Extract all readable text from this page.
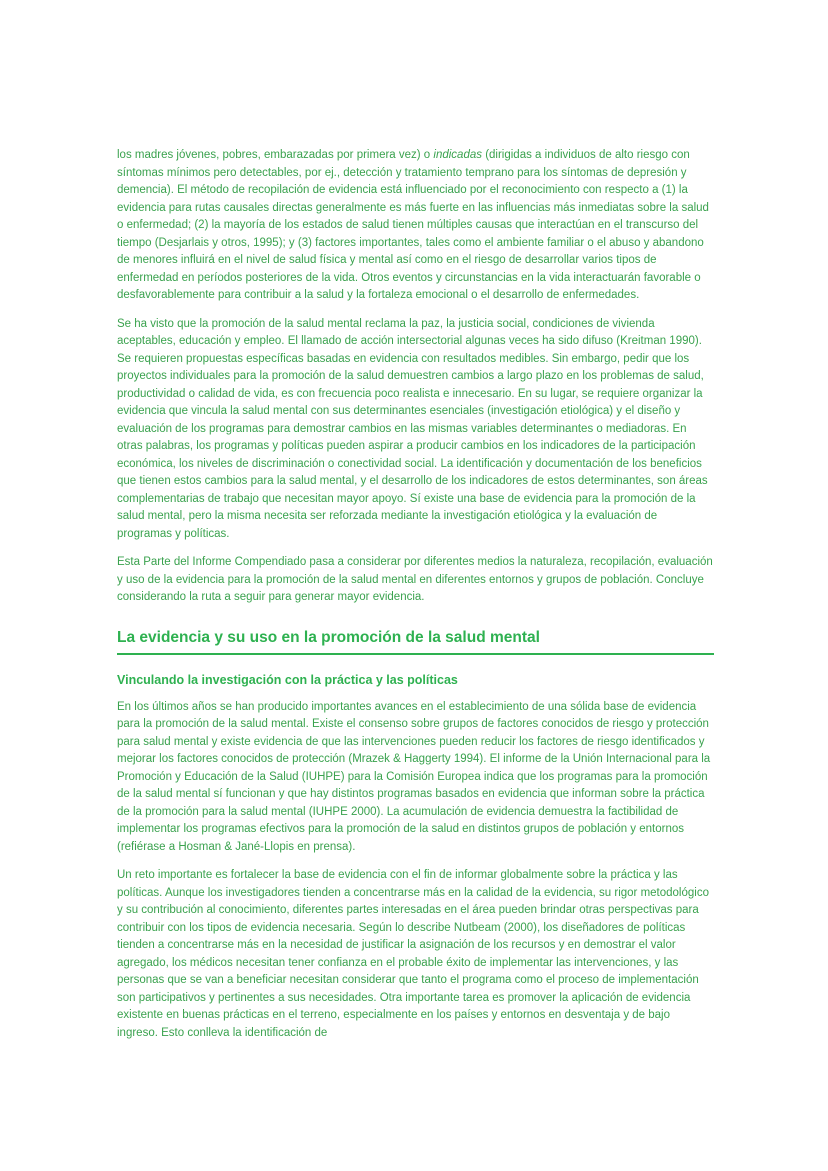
los madres jóvenes, pobres, embarazadas por primera vez) o indicadas (dirigidas a individuos de alto riesgo con síntomas mínimos pero detectables, por ej., detección y tratamiento temprano para los síntomas de depresión y demencia). El método de recopilación de evidencia está influenciado por el reconocimiento con respecto a (1) la evidencia para rutas causales directas generalmente es más fuerte en las influencias más inmediatas sobre la salud o enfermedad; (2) la mayoría de los estados de salud tienen múltiples causas que interactúan en el transcurso del tiempo (Desjarlais y otros, 1995); y (3) factores importantes, tales como el ambiente familiar o el abuso y abandono de menores influirá en el nivel de salud física y mental así como en el riesgo de desarrollar varios tipos de enfermedad en períodos posteriores de la vida. Otros eventos y circunstancias en la vida interactuarán favorable o desfavorablemente para contribuir a la salud y la fortaleza emocional o el desarrollo de enfermedades.

Se ha visto que la promoción de la salud mental reclama la paz, la justicia social, condiciones de vivienda aceptables, educación y empleo. El llamado de acción intersectorial algunas veces ha sido difuso (Kreitman 1990). Se requieren propuestas específicas basadas en evidencia con resultados medibles. Sin embargo, pedir que los proyectos individuales para la promoción de la salud demuestren cambios a largo plazo en los problemas de salud, productividad o calidad de vida, es con frecuencia poco realista e innecesario. En su lugar, se requiere organizar la evidencia que vincula la salud mental con sus determinantes esenciales (investigación etiológica) y el diseño y evaluación de los programas para demostrar cambios en las mismas variables determinantes o mediadoras. En otras palabras, los programas y políticas pueden aspirar a producir cambios en los indicadores de la participación económica, los niveles de discriminación o conectividad social. La identificación y documentación de los beneficios que tienen estos cambios para la salud mental, y el desarrollo de los indicadores de estos determinantes, son áreas complementarias de trabajo que necesitan mayor apoyo. Sí existe una base de evidencia para la promoción de la salud mental, pero la misma necesita ser reforzada mediante la investigación etiológica y la evaluación de programas y políticas.

Esta Parte del Informe Compendiado pasa a considerar por diferentes medios la naturaleza, recopilación, evaluación y uso de la evidencia para la promoción de la salud mental en diferentes entornos y grupos de población. Concluye considerando la ruta a seguir para generar mayor evidencia.

La evidencia y su uso en la promoción de la salud mental
Vinculando la investigación con la práctica y las políticas

En los últimos años se han producido importantes avances en el establecimiento de una sólida base de evidencia para la promoción de la salud mental. Existe el consenso sobre grupos de factores conocidos de riesgo y protección para salud mental y existe evidencia de que las intervenciones pueden reducir los factores de riesgo identificados y mejorar los factores conocidos de protección (Mrazek & Haggerty 1994). El informe de la Unión Internacional para la Promoción y Educación de la Salud (IUHPE) para la Comisión Europea indica que los programas para la promoción de la salud mental sí funcionan y que hay distintos programas basados en evidencia que informan sobre la práctica de la promoción para la salud mental (IUHPE 2000). La acumulación de evidencia demuestra la factibilidad de implementar los programas efectivos para la promoción de la salud en distintos grupos de población y entornos (refiérase a Hosman & Jané-Llopis en prensa).

Un reto importante es fortalecer la base de evidencia con el fin de informar globalmente sobre la práctica y las políticas. Aunque los investigadores tienden a concentrarse más en la calidad de la evidencia, su rigor metodológico y su contribución al conocimiento, diferentes partes interesadas en el área pueden brindar otras perspectivas para contribuir con los tipos de evidencia necesaria. Según lo describe Nutbeam (2000), los diseñadores de políticas tienden a concentrarse más en la necesidad de justificar la asignación de los recursos y en demostrar el valor agregado, los médicos necesitan tener confianza en el probable éxito de implementar las intervenciones, y las personas que se van a beneficiar necesitan considerar que tanto el programa como el proceso de implementación son participativos y pertinentes a sus necesidades. Otra importante tarea es promover la aplicación de evidencia existente en buenas prácticas en el terreno, especialmente en los países y entornos en desventaja y de bajo ingreso. Esto conlleva la identificación de
